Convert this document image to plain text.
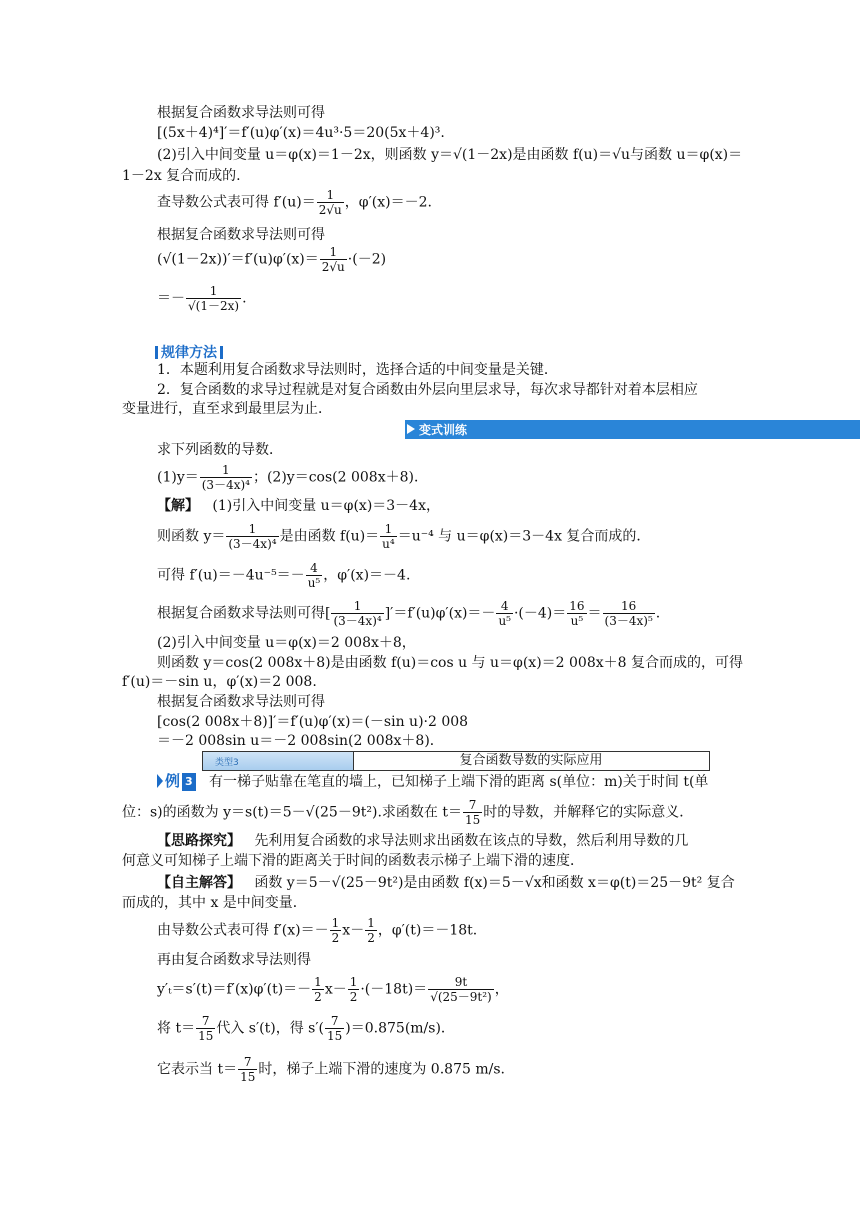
根据复合函数求导法则可得
[(5x＋4)⁴]′＝f′(u)φ′(x)＝4u³·5＝20(5x＋4)³.
(2)引入中间变量 u＝φ(x)＝1－2x，则函数 y＝√(1－2x)是由函数 f(u)＝√u与函数 u＝φ(x)＝
1－2x 复合而成的.
查导数公式表可得 $f'(u)= \frac{1}{2√u}$ ，φ′(x)＝－2.
根据复合函数求导法则可得
$(√(1-2x))'=f'(u)\varphi'(x)= \frac{1}{2√u} \cdot(-2)$
＝－ $\frac{1}{√(1-2x)}$ .
规律方法
1．本题利用复合函数求导法则时，选择合适的中间变量是关键．
2．复合函数的求导过程就是对复合函数由外层向里层求导，每次求导都针对着本层相应
变量进行，直至求到最里层为止．
变式训练
求下列函数的导数．
$(1)y= \frac{1}{\text{(3－4x)⁴}}$ ；(2)y＝cos(2 008x＋8)．
【解】 (1)引入中间变量 u＝φ(x)＝3－4x，
则函数 $y= \frac{1}{\text{(3－4x)⁴}}$ 是由函数 $f(u)= \frac{1}{\text{u⁴}} =u^{-4}$ 与 u＝φ(x)＝3－4x 复合而成的．
可得 $f'(u)=-4u^{-5}=- \frac{4}{\text{u⁵}}$ ，φ′(x)＝－4.
根据复合函数求导法则可得[ $\frac{1}{\text{(3－4x)⁴}} ]'=f'(u)\varphi'(x)=- \frac{4}{\text{u⁵}} \cdot(-4)= \frac{16}{\text{u⁵}} = \frac{16}{\text{(3－4x)⁵}}$ .
(2)引入中间变量 u＝φ(x)＝2 008x＋8，
则函数 y＝cos(2 008x＋8)是由函数 f(u)＝cos u 与 u＝φ(x)＝2 008x＋8 复合而成的，可得
f′(u)＝－sin u，φ′(x)＝2 008.
根据复合函数求导法则可得
[cos(2 008x＋8)]′＝f′(u)φ′(x)＝(－sin u)·2 008
＝－2 008sin u＝－2 008sin(2 008x＋8)．
类型3	复合函数导数的实际应用
例 3 有一梯子贴靠在笔直的墙上，已知梯子上端下滑的距离 s(单位：m)关于时间 t(单
位：s)的函数为 y＝s(t)＝5－√(25－9t²).求函数在 $t= \frac{7}{15}$ 时的导数，并解释它的实际意义．
【思路探究】 先利用复合函数的求导法则求出函数在该点的导数，然后利用导数的几
何意义可知梯子上端下滑的距离关于时间的函数表示梯子上端下滑的速度．
【自主解答】 函数 y＝5－√(25－9t²)是由函数 f(x)＝5－√x和函数 x＝φ(t)＝25－9t² 复合
而成的，其中 x 是中间变量．
由导数公式表可得 $f'(x)=- \frac{1}{2} x- \frac{1}{2}$ ，φ′(t)＝－18t.
再由复合函数求导法则得
$y'_t=s'(t)=f'(x)\varphi'(t)=- \frac{1}{2} x- \frac{1}{2} \cdot(-18t)= \frac{9t}{\text{√(25－9t²)}}$ ，
将 $t= \frac{7}{15}$ 代入 s′(t)，得 $s'( \frac{7}{15} )=0.875(m/s)$．
它表示当 $t= \frac{7}{15}$ 时，梯子上端下滑的速度为 0.875 m/s.
